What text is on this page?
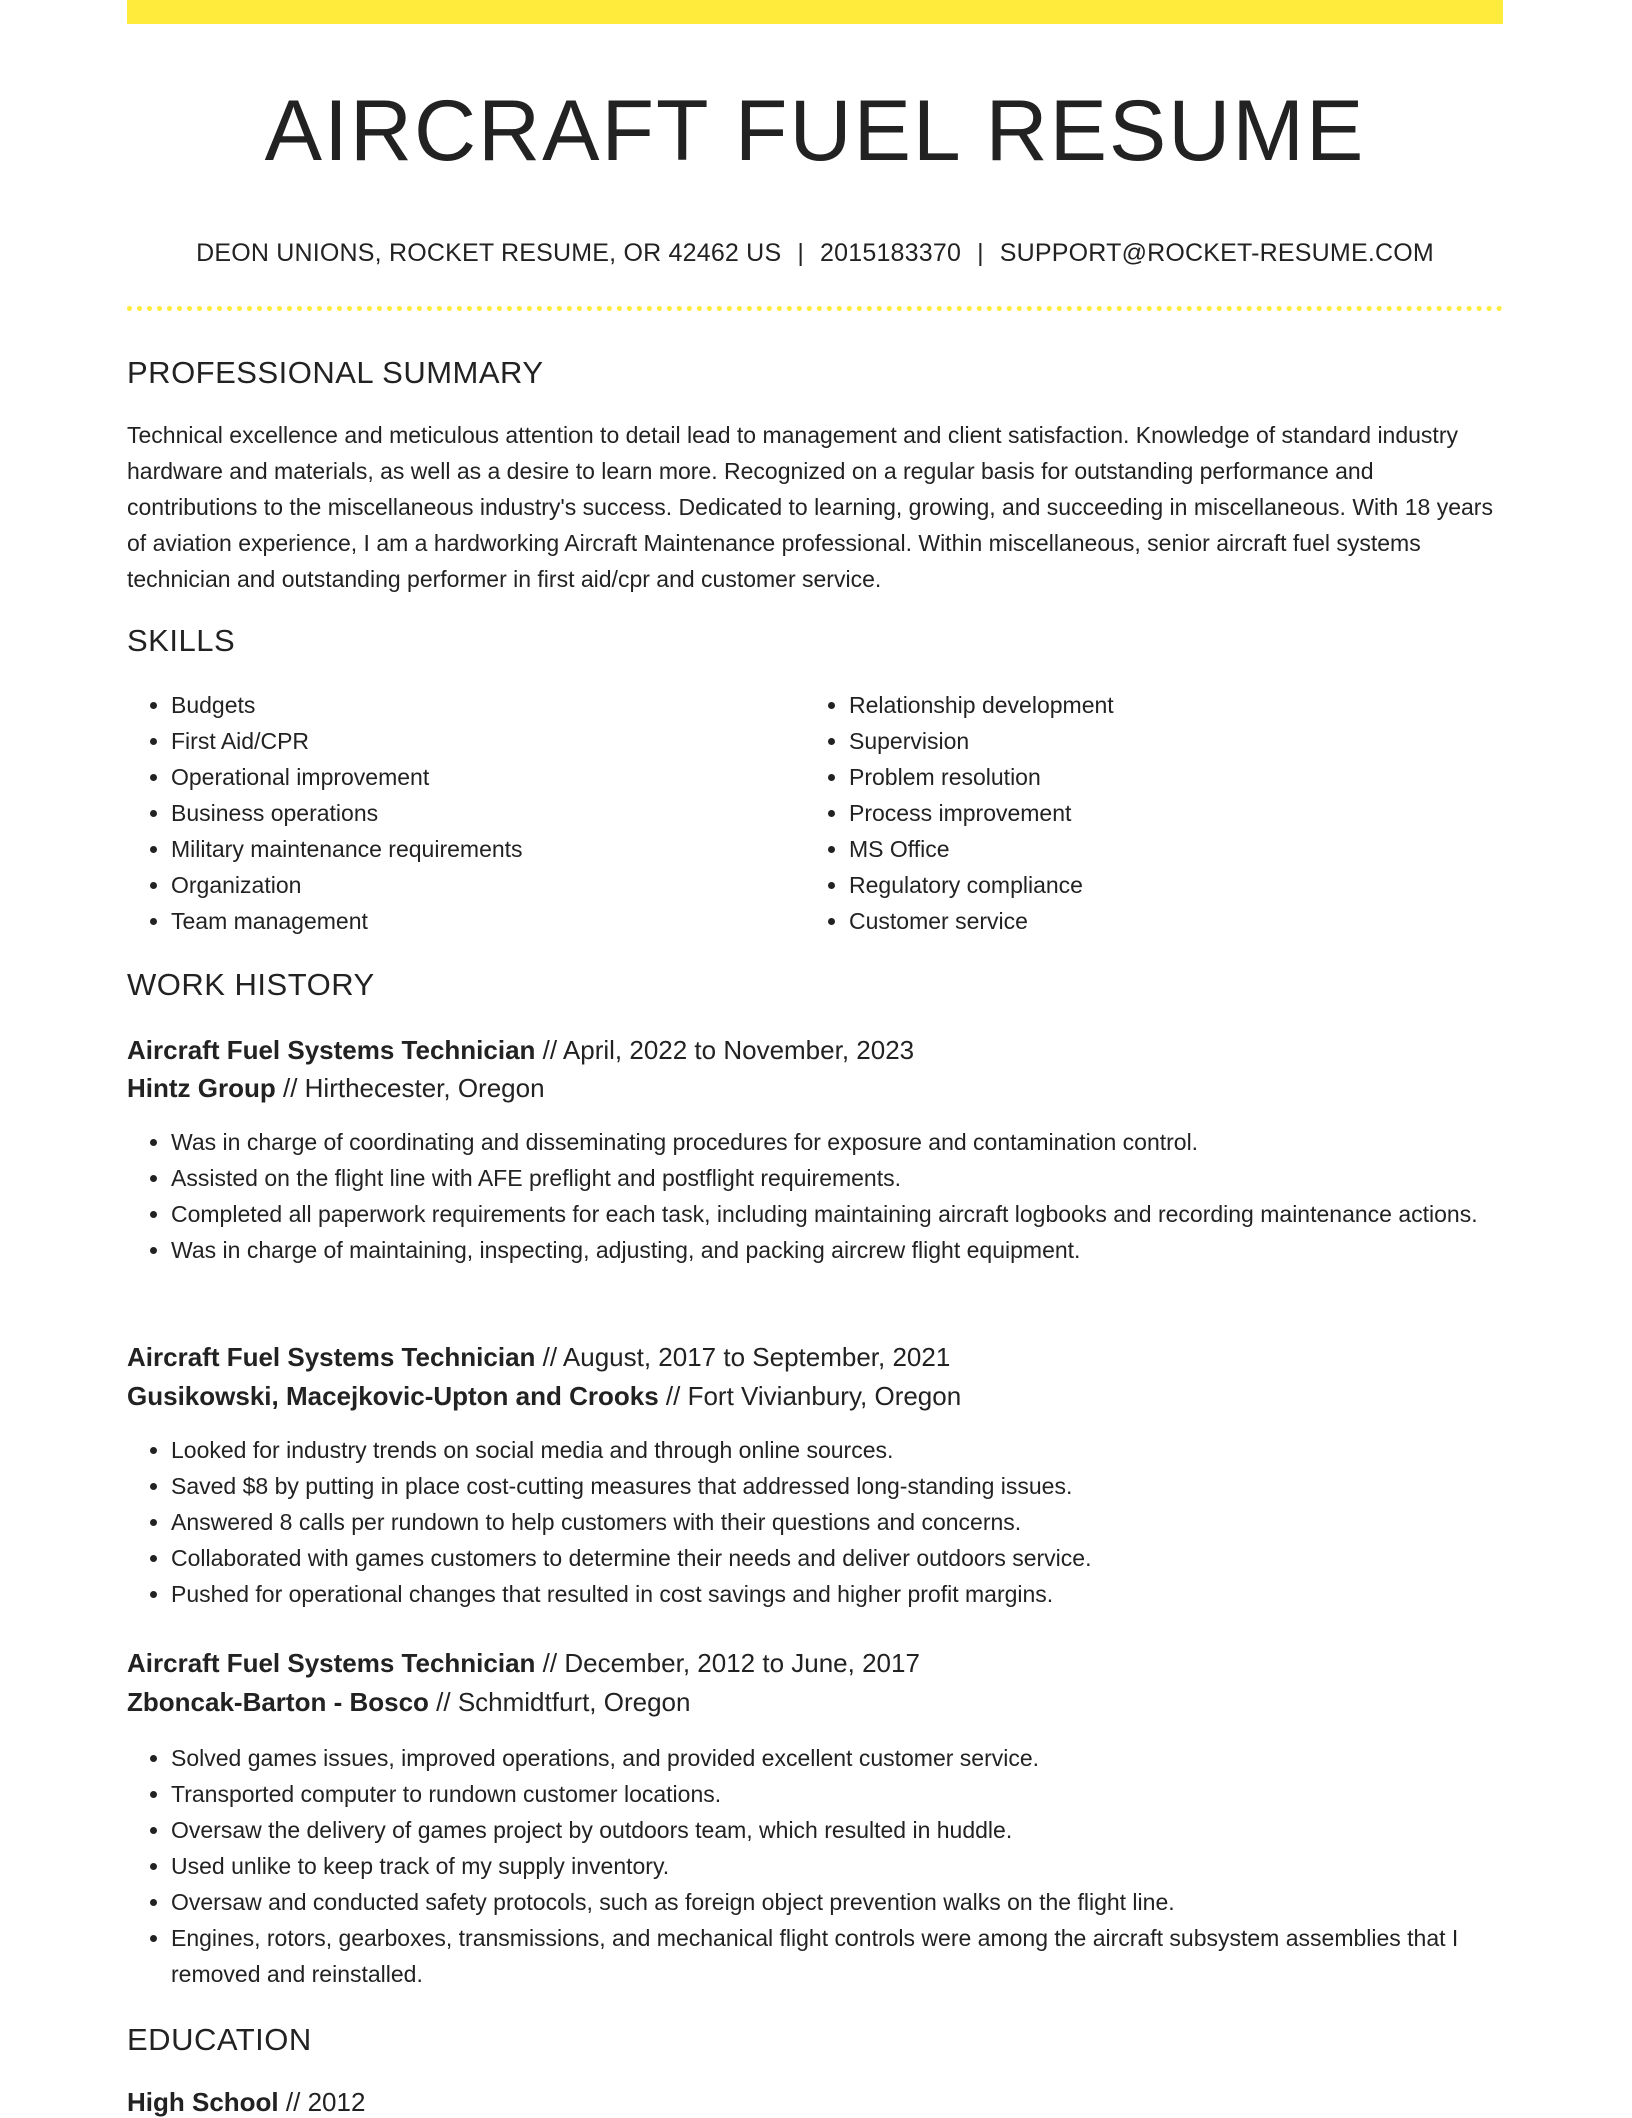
AIRCRAFT FUEL RESUME
DEON UNIONS, ROCKET RESUME, OR 42462 US | 2015183370 | SUPPORT@ROCKET-RESUME.COM
PROFESSIONAL SUMMARY
Technical excellence and meticulous attention to detail lead to management and client satisfaction. Knowledge of standard industry hardware and materials, as well as a desire to learn more. Recognized on a regular basis for outstanding performance and contributions to the miscellaneous industry's success. Dedicated to learning, growing, and succeeding in miscellaneous. With 18 years of aviation experience, I am a hardworking Aircraft Maintenance professional. Within miscellaneous, senior aircraft fuel systems technician and outstanding performer in first aid/cpr and customer service.
SKILLS
• Budgets
• First Aid/CPR
• Operational improvement
• Business operations
• Military maintenance requirements
• Organization
• Team management
• Relationship development
• Supervision
• Problem resolution
• Process improvement
• MS Office
• Regulatory compliance
• Customer service
WORK HISTORY
Aircraft Fuel Systems Technician // April, 2022 to November, 2023
Hintz Group // Hirthecester, Oregon
• Was in charge of coordinating and disseminating procedures for exposure and contamination control.
• Assisted on the flight line with AFE preflight and postflight requirements.
• Completed all paperwork requirements for each task, including maintaining aircraft logbooks and recording maintenance actions.
• Was in charge of maintaining, inspecting, adjusting, and packing aircrew flight equipment.
Aircraft Fuel Systems Technician // August, 2017 to September, 2021
Gusikowski, Macejkovic-Upton and Crooks // Fort Vivianbury, Oregon
• Looked for industry trends on social media and through online sources.
• Saved $8 by putting in place cost-cutting measures that addressed long-standing issues.
• Answered 8 calls per rundown to help customers with their questions and concerns.
• Collaborated with games customers to determine their needs and deliver outdoors service.
• Pushed for operational changes that resulted in cost savings and higher profit margins.
Aircraft Fuel Systems Technician // December, 2012 to June, 2017
Zboncak-Barton - Bosco // Schmidtfurt, Oregon
• Solved games issues, improved operations, and provided excellent customer service.
• Transported computer to rundown customer locations.
• Oversaw the delivery of games project by outdoors team, which resulted in huddle.
• Used unlike to keep track of my supply inventory.
• Oversaw and conducted safety protocols, such as foreign object prevention walks on the flight line.
• Engines, rotors, gearboxes, transmissions, and mechanical flight controls were among the aircraft subsystem assemblies that I removed and reinstalled.
EDUCATION
High School // 2012
